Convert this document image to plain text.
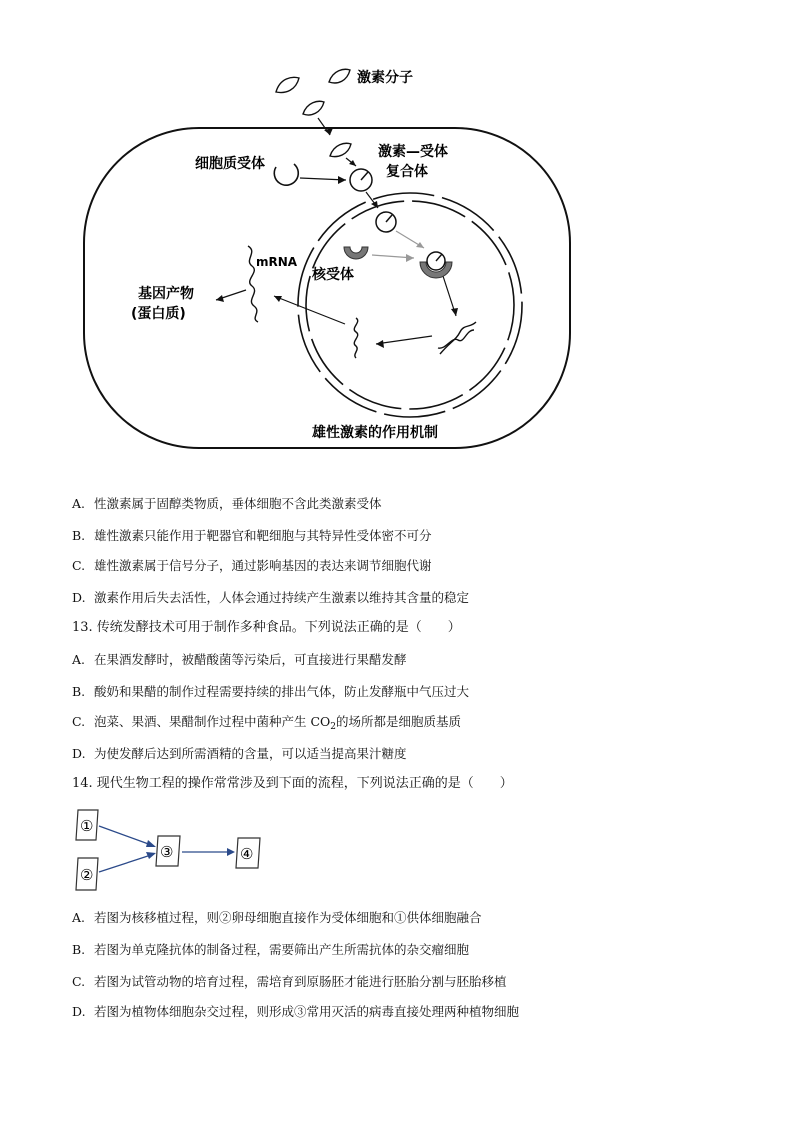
激素分子
细胞质受体
激素—受体
复合体
核受体
mRNA
基因产物
(蛋白质)
雄性激素的作用机制
A. 性激素属于固醇类物质，垂体细胞不含此类激素受体
B. 雄性激素只能作用于靶器官和靶细胞与其特异性受体密不可分
C. 雄性激素属于信号分子，通过影响基因的表达来调节细胞代谢
D. 激素作用后失去活性，人体会通过持续产生激素以维持其含量的稳定
13. 传统发酵技术可用于制作多种食品。下列说法正确的是（　　）
A. 在果酒发酵时，被醋酸菌等污染后，可直接进行果醋发酵
B. 酸奶和果醋的制作过程需要持续的排出气体，防止发酵瓶中气压过大
C. 泡菜、果酒、果醋制作过程中菌种产生 $CO_2$的场所都是细胞质基质
D. 为使发酵后达到所需酒精的含量，可以适当提高果汁糖度
14. 现代生物工程的操作常常涉及到下面的流程，下列说法正确的是（　　）
①
②
③	④
A. 若图为核移植过程，则②卵母细胞直接作为受体细胞和①供体细胞融合
B. 若图为单克隆抗体的制备过程，需要筛出产生所需抗体的杂交瘤细胞
C. 若图为试管动物的培育过程，需培育到原肠胚才能进行胚胎分割与胚胎移植
D. 若图为植物体细胞杂交过程，则形成③常用灭活的病毒直接处理两种植物细胞
